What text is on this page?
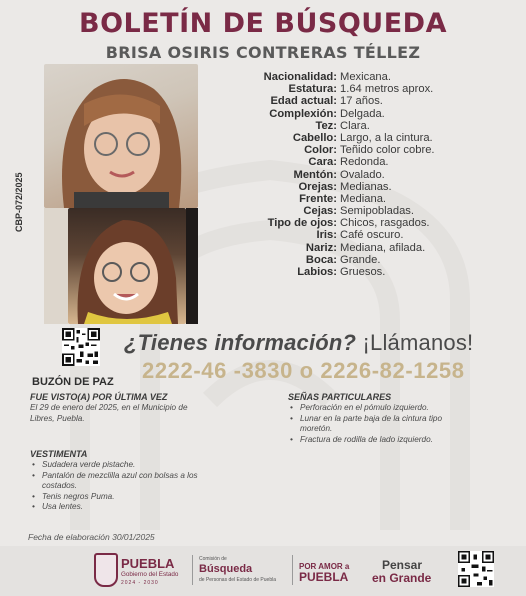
BOLETÍN DE BÚSQUEDA
BRISA OSIRIS CONTRERAS TÉLLEZ
CBP-072/2025
Nacionalidad: Mexicana.
Estatura: 1.64 metros aprox.
Edad actual: 17 años.
Complexión: Delgada.
Tez: Clara.
Cabello: Largo, a la cintura.
Color: Teñido color cobre.
Cara: Redonda.
Mentón: Ovalado.
Orejas: Medianas.
Frente: Mediana.
Cejas: Semipobladas.
Tipo de ojos: Chicos, rasgados.
Iris: Café oscuro.
Nariz: Mediana, afilada.
Boca: Grande.
Labios: Gruesos.
¿Tienes información? ¡Llámanos!
2222-46 -3830 o 2226-82-1258
BUZÓN DE PAZ
FUE VISTO(A) POR ÚLTIMA VEZ
El 29 de enero del 2025, en el Municipio de
Libres, Puebla.
SEÑAS PARTICULARES
• Perforación en el pómulo izquierdo.
• Lunar en la parte baja de la cintura tipo
moretón.
• Fractura de rodilla de lado izquierdo.
VESTIMENTA
• Sudadera verde pistache.
• Pantalón de mezclilla azul con bolsas a los
costados.
• Tenis negros Puma.
• Usa lentes.
Fecha de elaboración 30/01/2025
PUEBLA
Gobierno del Estado
2024 - 2030
Comisión de
Búsqueda
de Personas del Estado de Puebla
POR AMOR a
PUEBLA
Pensar
en Grande
